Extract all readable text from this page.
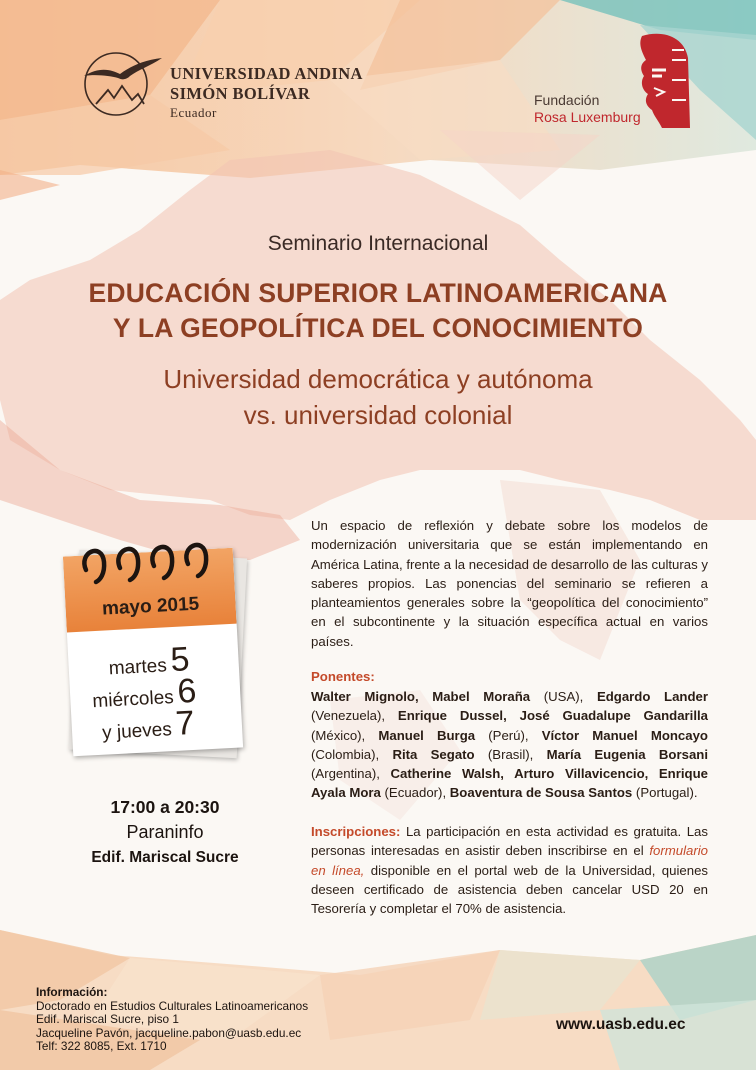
UNIVERSIDAD ANDINA
SIMÓN BOLÍVAR
Ecuador
Fundación
Rosa Luxemburg
Seminario Internacional
EDUCACIÓN SUPERIOR LATINOAMERICANA
Y LA GEOPOLÍTICA DEL CONOCIMIENTO
Universidad democrática y autónoma
vs. universidad colonial
mayo 2015
martes5
miércoles6
y jueves7
17:00 a 20:30
Paraninfo
Edif. Mariscal Sucre
Un espacio de reflexión y debate sobre los modelos de modernización universitaria que se están implementando en América Latina, frente a la necesidad de desarrollo de las culturas y saberes propios. Las ponencias del seminario se refieren a planteamientos generales sobre la “geopolítica del conocimiento” en el subcontinente y la situación específica actual en varios países.
Ponentes:
Walter Mignolo, Mabel Moraña (USA), Edgardo Lander (Venezuela), Enrique Dussel, José Guadalupe Gandarilla (México), Manuel Burga (Perú), Víctor Manuel Moncayo (Colombia), Rita Segato (Brasil), María Eugenia Borsani (Argentina), Catherine Walsh, Arturo Villavicencio, Enrique Ayala Mora (Ecuador), Boaventura de Sousa Santos (Portugal).
Inscripciones: La participación en esta actividad es gratuita. Las personas interesadas en asistir deben inscribirse en el formulario en línea, disponible en el portal web de la Universidad, quienes deseen certificado de asistencia deben cancelar USD 20 en Tesorería y completar el 70% de asistencia.
Información:
Doctorado en Estudios Culturales Latinoamericanos
Edif. Mariscal Sucre, piso 1
Jacqueline Pavón, jacqueline.pabon@uasb.edu.ec
Telf: 322 8085, Ext. 1710
www.uasb.edu.ec
